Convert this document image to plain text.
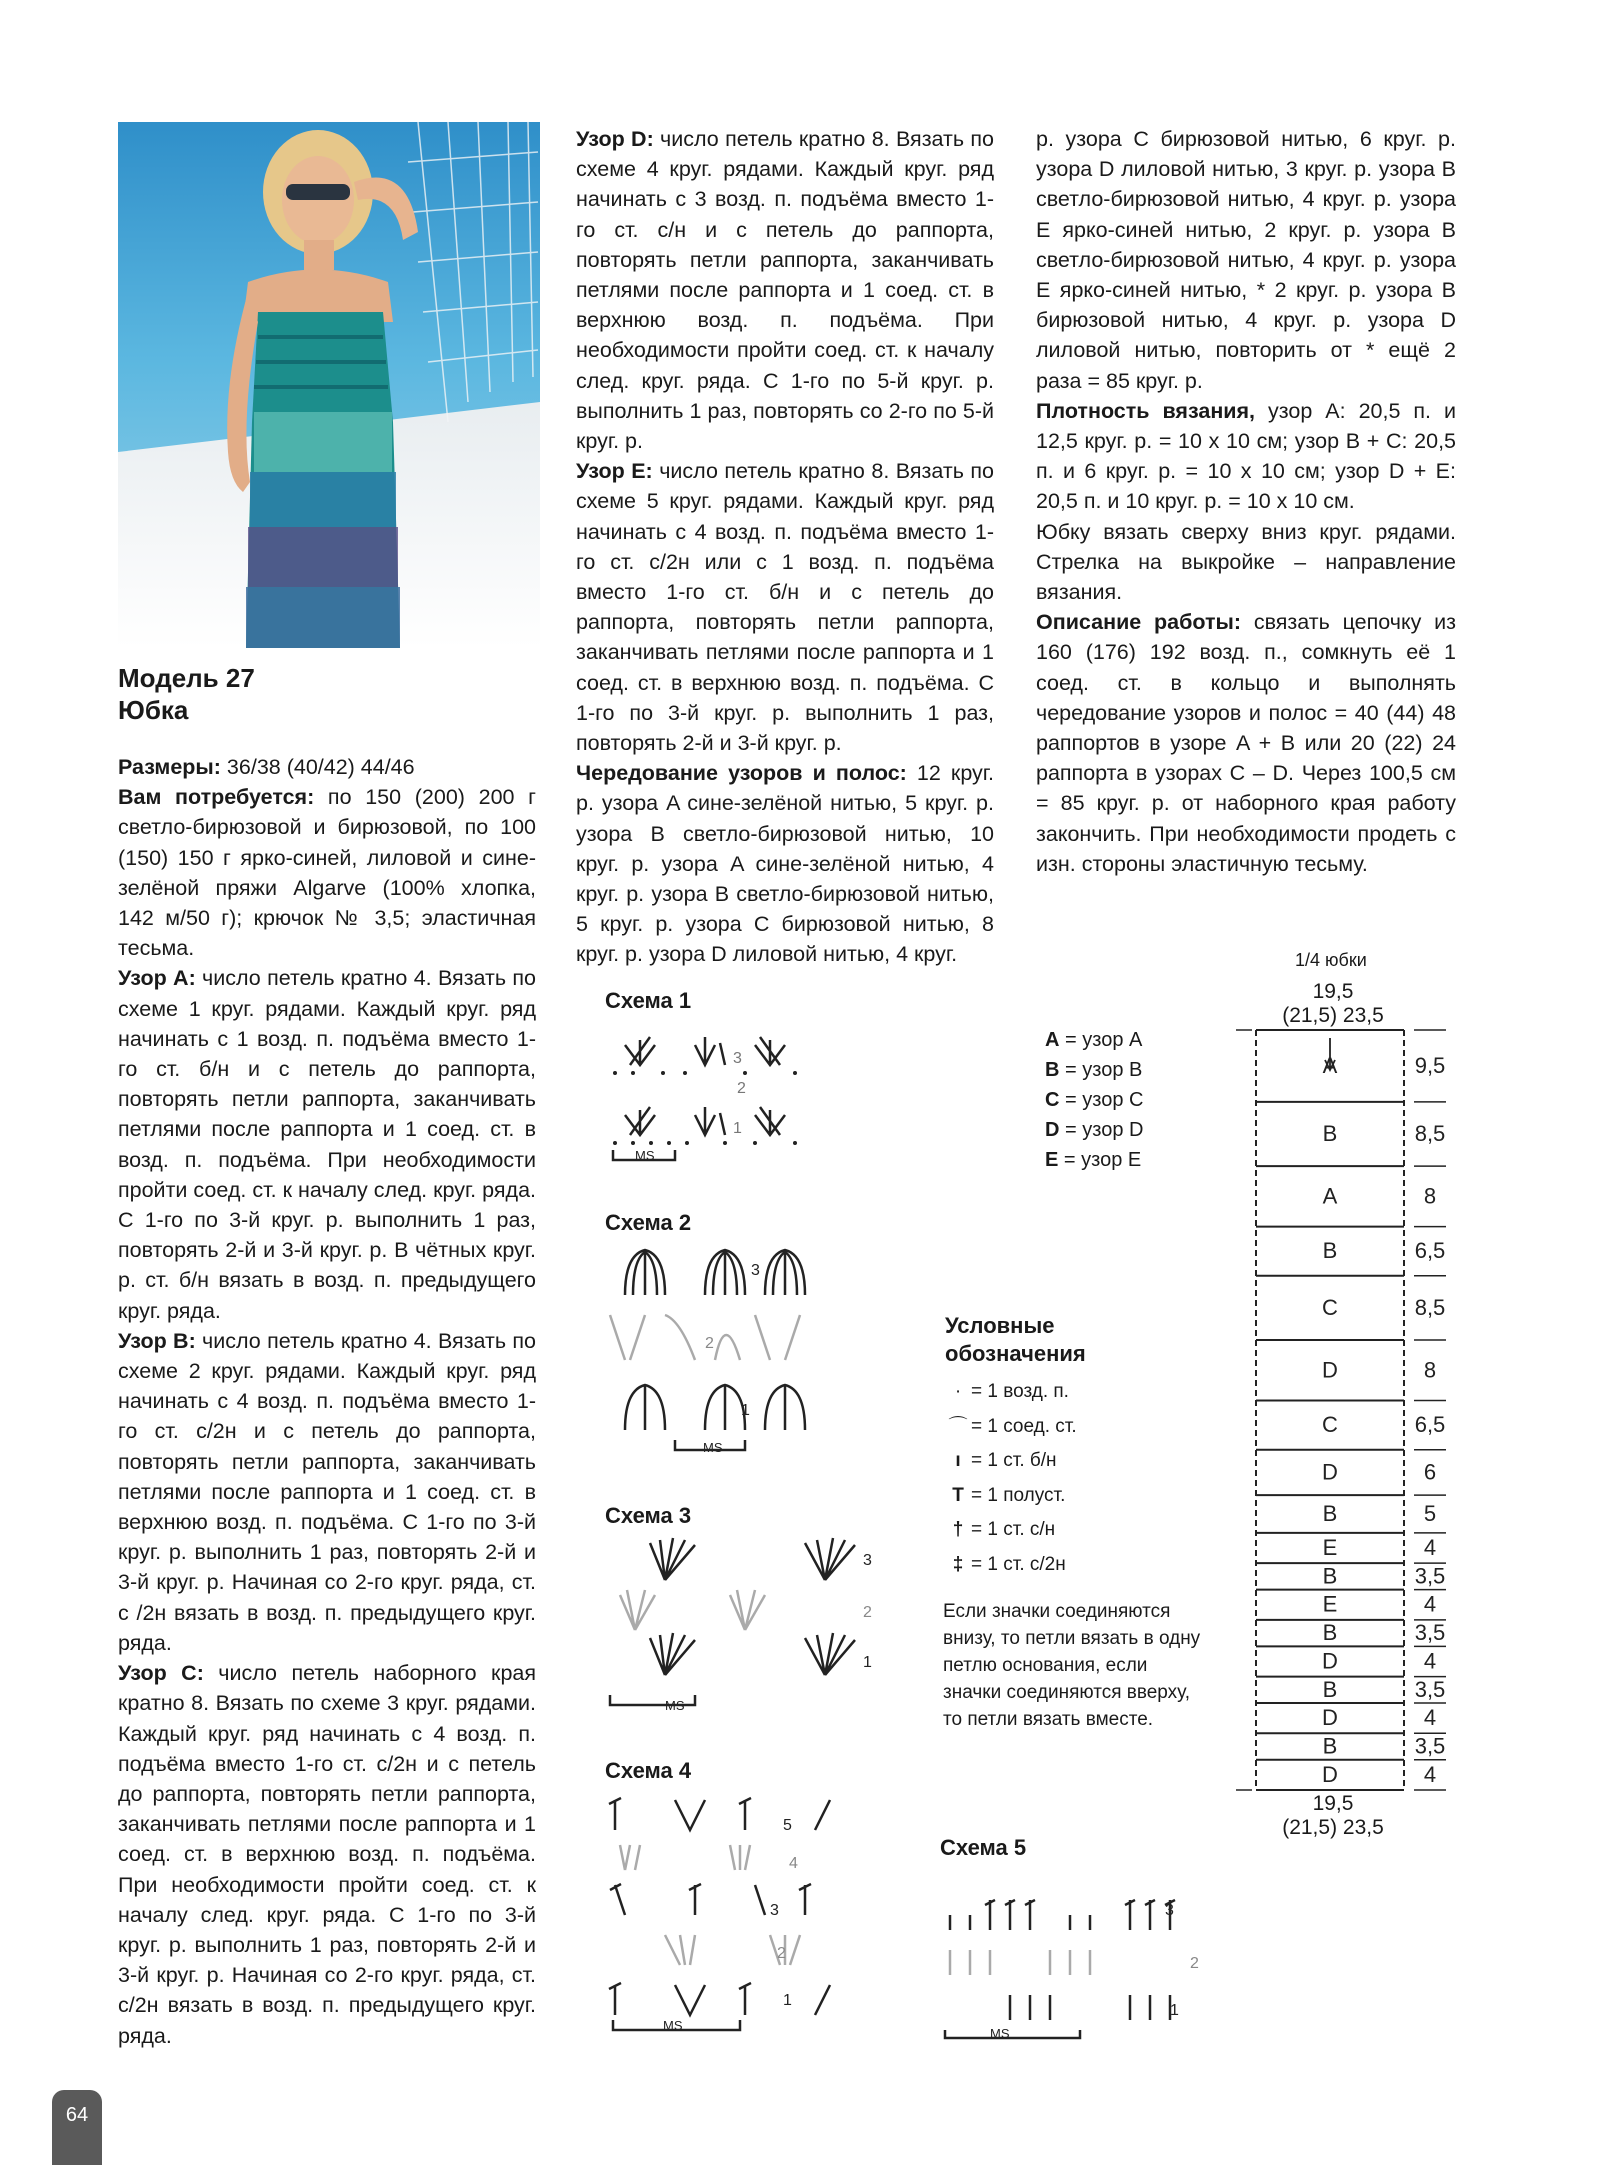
Модель 27
Юбка

Размеры: 36/38 (40/42) 44/46

Вам потребуется: по 150 (200) 200 г светло-бирюзовой и бирюзовой, по 100 (150) 150 г ярко-синей, лиловой и сине-зелёной пряжи Algarve (100% хлопка, 142 м/50 г); крючок № 3,5; эластичная тесьма.

Узор A: число петель кратно 4. Вязать по схеме 1 круг. рядами. Каждый круг. ряд начинать с 1 возд. п. подъёма вместо 1-го ст. б/н и с петель до раппорта, повторять петли раппорта, заканчивать петлями после раппорта и 1 соед. ст. в возд. п. подъёма. При необходимости пройти соед. ст. к началу след. круг. ряда. С 1-го по 3-й круг. р. выполнить 1 раз, повторять 2-й и 3-й круг. р. В чётных круг. р. ст. б/н вязать в возд. п. предыдущего круг. ряда.

Узор B: число петель кратно 4. Вязать по схеме 2 круг. рядами. Каждый круг. ряд начинать с 4 возд. п. подъёма вместо 1-го ст. с/2н и с петель до раппорта, повторять петли раппорта, заканчивать петлями после раппорта и 1 соед. ст. в верхнюю возд. п. подъёма. С 1-го по 3-й круг. р. выполнить 1 раз, повторять 2-й и 3-й круг. р. Начиная со 2-го круг. ряда, ст. с /2н вязать в возд. п. предыдущего круг. ряда.

Узор C: число петель наборного края кратно 8. Вязать по схеме 3 круг. рядами. Каждый круг. ряд начинать с 4 возд. п. подъёма вместо 1-го ст. с/2н и с петель до раппорта, повторять петли раппорта, заканчивать петлями после раппорта и 1 соед. ст. в верхнюю возд. п. подъёма. При необходимости пройти соед. ст. к началу след. круг. ряда. С 1-го по 3-й круг. р. выполнить 1 раз, повторять 2-й и 3-й круг. р. Начиная со 2-го круг. ряда, ст. с/2н вязать в возд. п. предыдущего круг. ряда.

Узор D: число петель кратно 8. Вязать по схеме 4 круг. рядами. Каждый круг. ряд начинать с 3 возд. п. подъёма вместо 1-го ст. с/н и с петель до раппорта, повторять петли раппорта, заканчивать петлями после раппорта и 1 соед. ст. в верхнюю возд. п. подъёма. При необходимости пройти соед. ст. к началу след. круг. ряда. С 1-го по 5-й круг. р. выполнить 1 раз, повторять со 2-го по 5-й круг. р.

Узор E: число петель кратно 8. Вязать по схеме 5 круг. рядами. Каждый круг. ряд начинать с 4 возд. п. подъёма вместо 1-го ст. с/2н или с 1 возд. п. подъёма вместо 1-го ст. б/н и с петель до раппорта, повторять петли раппорта, заканчивать петлями после раппорта и 1 соед. ст. в верхнюю возд. п. подъёма. С 1-го по 3-й круг. р. выполнить 1 раз, повторять 2-й и 3-й круг. р.

Чередование узоров и полос: 12 круг. р. узора A сине-зелёной нитью, 5 круг. р. узора B светло-бирюзовой нитью, 10 круг. р. узора A сине-зелёной нитью, 4 круг. р. узора B светло-бирюзовой нитью, 5 круг. р. узора C бирюзовой нитью, 8 круг. р. узора D лиловой нитью, 4 круг.

р. узора C бирюзовой нитью, 6 круг. р. узора D лиловой нитью, 3 круг. р. узора B светло-бирюзовой нитью, 4 круг. р. узора E ярко-синей нитью, 2 круг. р. узора B светло-бирюзовой нитью, 4 круг. р. узора E ярко-синей нитью, * 2 круг. р. узора B бирюзовой нитью, 4 круг. р. узора D лиловой нитью, повторить от * ещё 2 раза = 85 круг. р.

Плотность вязания, узор A: 20,5 п. и 12,5 круг. р. = 10 х 10 см; узор B + C: 20,5 п. и 6 круг. р. = 10 х 10 см; узор D + E: 20,5 п. и 10 круг. р. = 10 х 10 см.

Юбку вязать сверху вниз круг. рядами. Стрелка на выкройке – направление вязания.

Описание работы: связать цепочку из 160 (176) 192 возд. п., сомкнуть её 1 соед. ст. в кольцо и выполнять чередование узоров и полос = 40 (44) 48 раппортов в узоре A + B или 20 (22) 24 раппорта в узорах C – D. Через 100,5 см = 85 круг. р. от наборного края работу закончить. При необходимости продеть с изн. стороны эластичную тесьму.

Схема 1
Схема 2
Схема 3
Схема 4
Схема 5
3
2
1
MS
3
2
1
MS
3
2
1
MS
5
4
3
2
1
MS
3
2
1
MS
A = узор A
B = узор B
C = узор C
D = узор D
E = узор E
Условные
обозначения
· = 1 возд. п.
⌒ = 1 соед. ст.
ı = 1 ст. б/н
T = 1 полуст.
† = 1 ст. с/н
‡ = 1 ст. с/2н
Если значки соединяются внизу, то петли вязать в одну петлю основания, если значки соединяются вверху, то петли вязать вместе.
1/4 юбки
19,5
(21,5) 23,5
19,5
(21,5) 23,5
A	9,5
B	8,5
A	8
B	6,5
C	8,5
D	8
C	6,5
D	6
B	5
E	4
B	3,5
E	4
B	3,5
D	4
B	3,5
D	4
B	3,5
D	4
64
